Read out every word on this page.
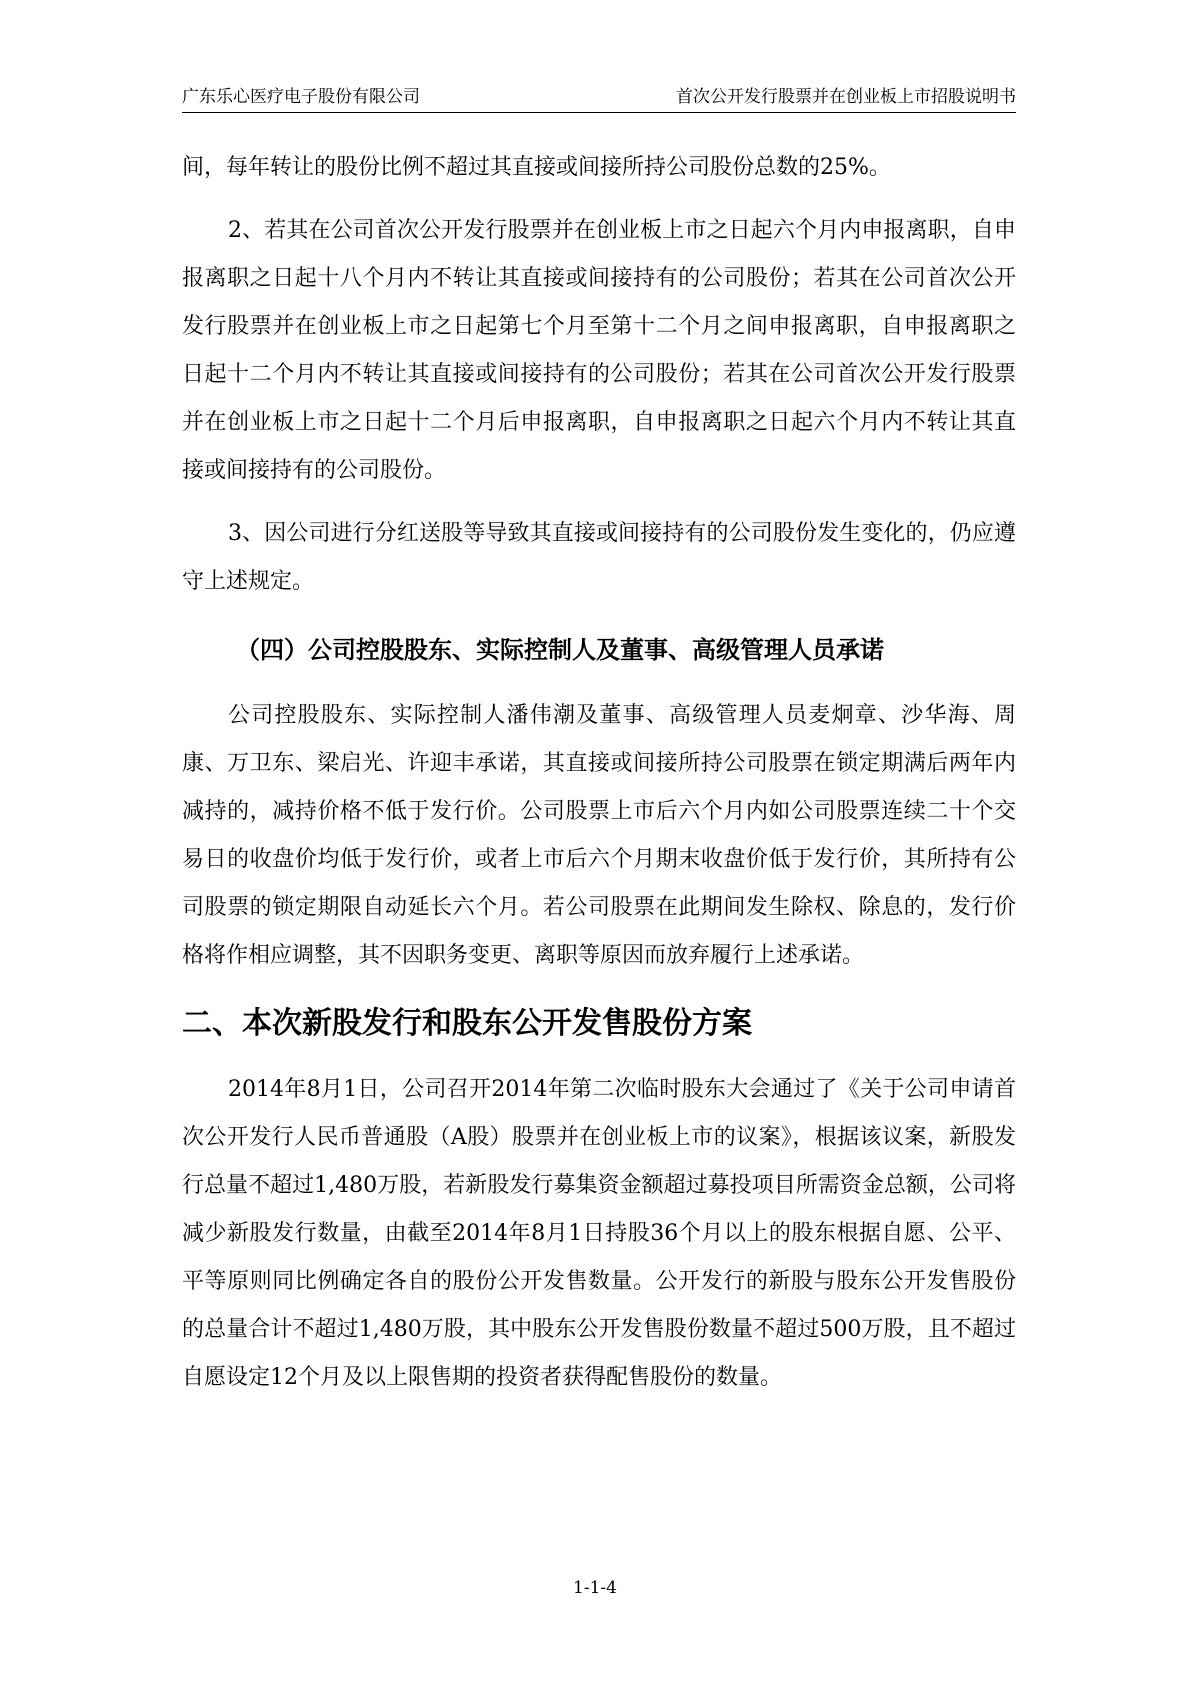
广东乐心医疗电子股份有限公司	首次公开发行股票并在创业板上市招股说明书

间，每年转让的股份比例不超过其直接或间接所持公司股份总数的25%。

2、若其在公司首次公开发行股票并在创业板上市之日起六个月内申报离职，自申报离职之日起十八个月内不转让其直接或间接持有的公司股份；若其在公司首次公开发行股票并在创业板上市之日起第七个月至第十二个月之间申报离职，自申报离职之日起十二个月内不转让其直接或间接持有的公司股份；若其在公司首次公开发行股票并在创业板上市之日起十二个月后申报离职，自申报离职之日起六个月内不转让其直接或间接持有的公司股份。

3、因公司进行分红送股等导致其直接或间接持有的公司股份发生变化的，仍应遵守上述规定。

（四）公司控股股东、实际控制人及董事、高级管理人员承诺

公司控股股东、实际控制人潘伟潮及董事、高级管理人员麦炯章、沙华海、周康、万卫东、梁启光、许迎丰承诺，其直接或间接所持公司股票在锁定期满后两年内减持的，减持价格不低于发行价。公司股票上市后六个月内如公司股票连续二十个交易日的收盘价均低于发行价，或者上市后六个月期末收盘价低于发行价，其所持有公司股票的锁定期限自动延长六个月。若公司股票在此期间发生除权、除息的，发行价格将作相应调整，其不因职务变更、离职等原因而放弃履行上述承诺。

二、本次新股发行和股东公开发售股份方案

2014年8月1日，公司召开2014年第二次临时股东大会通过了《关于公司申请首次公开发行人民币普通股（A股）股票并在创业板上市的议案》，根据该议案，新股发行总量不超过1,480万股，若新股发行募集资金额超过募投项目所需资金总额，公司将减少新股发行数量，由截至2014年8月1日持股36个月以上的股东根据自愿、公平、平等原则同比例确定各自的股份公开发售数量。公开发行的新股与股东公开发售股份的总量合计不超过1,480万股，其中股东公开发售股份数量不超过500万股，且不超过自愿设定12个月及以上限售期的投资者获得配售股份的数量。

1-1-4
